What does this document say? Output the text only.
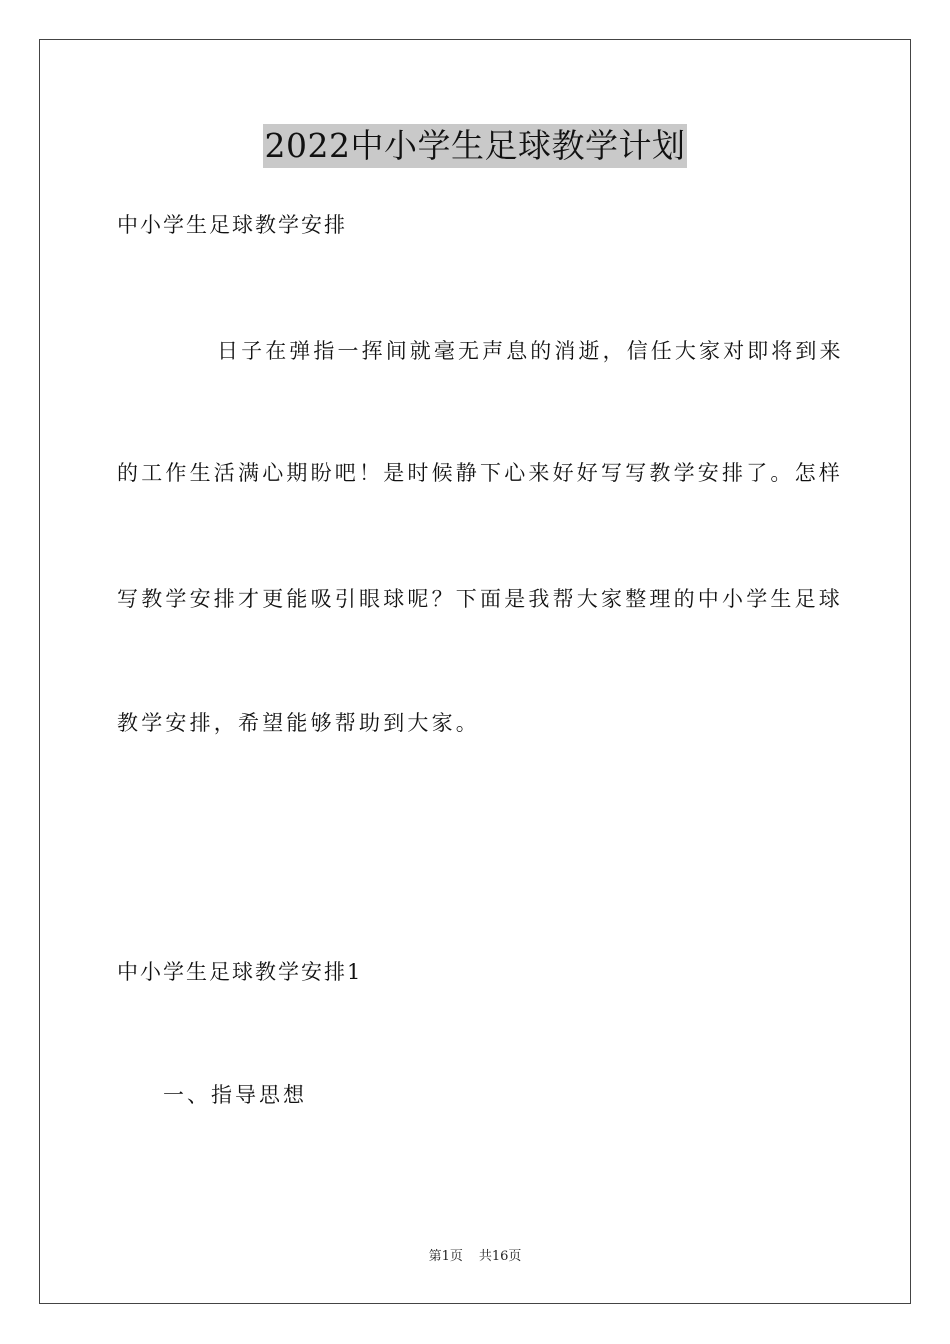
2022中小学生足球教学计划
中小学生足球教学安排
日子在弹指一挥间就毫无声息的消逝，信任大家对即将到来
的工作生活满心期盼吧！是时候静下心来好好写写教学安排了。怎样
写教学安排才更能吸引眼球呢？下面是我帮大家整理的中小学生足球
教学安排，希望能够帮助到大家。
中小学生足球教学安排1
一、指导思想
第1页 共16页
